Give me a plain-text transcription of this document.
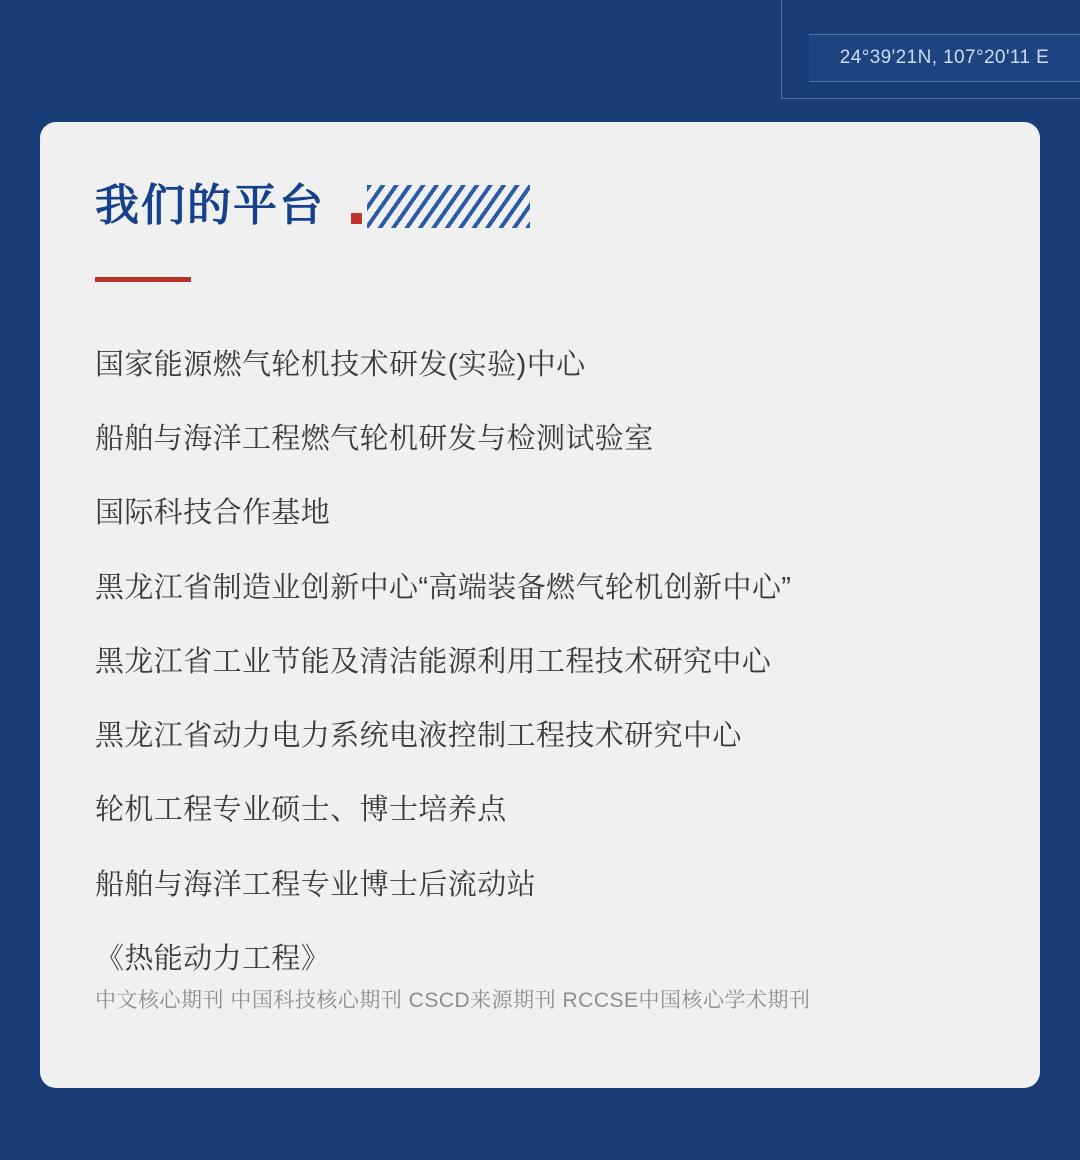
24°39'21N, 107°20'11 E
我们的平台
国家能源燃气轮机技术研发(实验)中心
船舶与海洋工程燃气轮机研发与检测试验室
国际科技合作基地
黑龙江省制造业创新中心“高端装备燃气轮机创新中心”
黑龙江省工业节能及清洁能源利用工程技术研究中心
黑龙江省动力电力系统电液控制工程技术研究中心
轮机工程专业硕士、博士培养点
船舶与海洋工程专业博士后流动站
《热能动力工程》
中文核心期刊 中国科技核心期刊 CSCD来源期刊 RCCSE中国核心学术期刊
